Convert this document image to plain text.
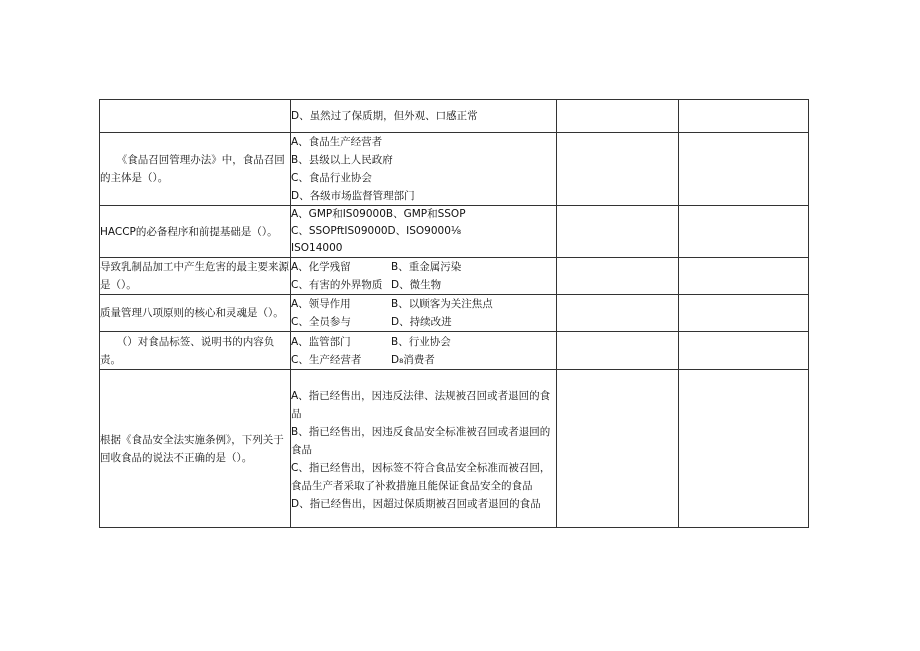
	D、虽然过了保质期，但外观、口感正常		

《食品召回管理办法》中，食品召回的主体是（）。	A、食品生产经营者
B、县级以上人民政府
C、食品行业协会
D、各级市场监督管理部门		

HACCP的必备程序和前提基础是（）。	A、GMP和IS09000B、GMP和SSOP
C、SSOPftIS09000D、ISO9000⅛
ISO14000		

导致乳制品加工中产生危害的最主要来源是（）。	A、化学残留 B、重金属污染
C、有害的外界物质 D、微生物		

质量管理八项原则的核心和灵魂是（）。	A、领导作用 B、以顾客为关注焦点
C、全员参与 D、持续改进		

（）对食品标签、说明书的内容负责。	A、监管部门 B、行业协会
C、生产经营者 D₈消费者		

根据《食品安全法实施条例》，下列关于回收食品的说法不正确的是（）。	A、指已经售出，因违反法律、法规被召回或者退回的食品
B、指已经售出，因违反食品安全标准被召回或者退回的食品
C、指已经售出，因标签不符合食品安全标准而被召回，食品生产者采取了补救措施且能保证食品安全的食品
D、指已经售出，因超过保质期被召回或者退回的食品		
